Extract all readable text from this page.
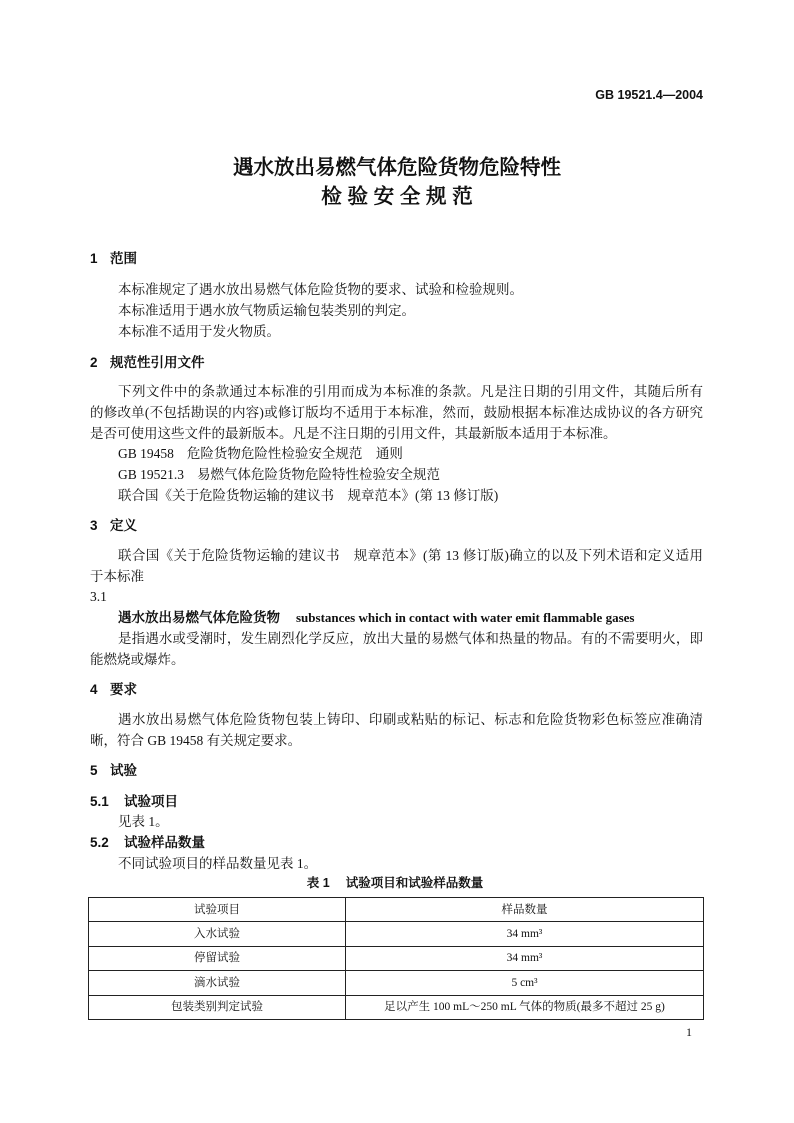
GB 19521.4—2004
遇水放出易燃气体危险货物危险特性
检 验 安 全 规 范
1 范围
本标准规定了遇水放出易燃气体危险货物的要求、试验和检验规则。
本标准适用于遇水放气物质运输包装类别的判定。
本标准不适用于发火物质。
2 规范性引用文件
下列文件中的条款通过本标准的引用而成为本标准的条款。凡是注日期的引用文件，其随后所有
的修改单(不包括勘误的内容)或修订版均不适用于本标准，然而，鼓励根据本标准达成协议的各方研究
是否可使用这些文件的最新版本。凡是不注日期的引用文件，其最新版本适用于本标准。
GB 19458 危险货物危险性检验安全规范　通则
GB 19521.3 易燃气体危险货物危险特性检验安全规范
联合国《关于危险货物运输的建议书　规章范本》(第 13 修订版)
3 定义
联合国《关于危险货物运输的建议书　规章范本》(第 13 修订版)确立的以及下列术语和定义适用
于本标准
3.1
遇水放出易燃气体危险货物 substances which in contact with water emit flammable gases
是指遇水或受潮时，发生剧烈化学反应，放出大量的易燃气体和热量的物品。有的不需要明火，即
能燃烧或爆炸。
4 要求
遇水放出易燃气体危险货物包装上铸印、印刷或粘贴的标记、标志和危险货物彩色标签应准确清
晰，符合 GB 19458 有关规定要求。
5 试验
5.1 试验项目
见表 1。
5.2 试验样品数量
不同试验项目的样品数量见表 1。
表 1 试验项目和试验样品数量
试验项目	样品数量
入水试验	34 mm³
停留试验	34 mm³
滴水试验	5 cm³
包装类别判定试验	足以产生 100 mL～250 mL 气体的物质(最多不超过 25 g)
1
